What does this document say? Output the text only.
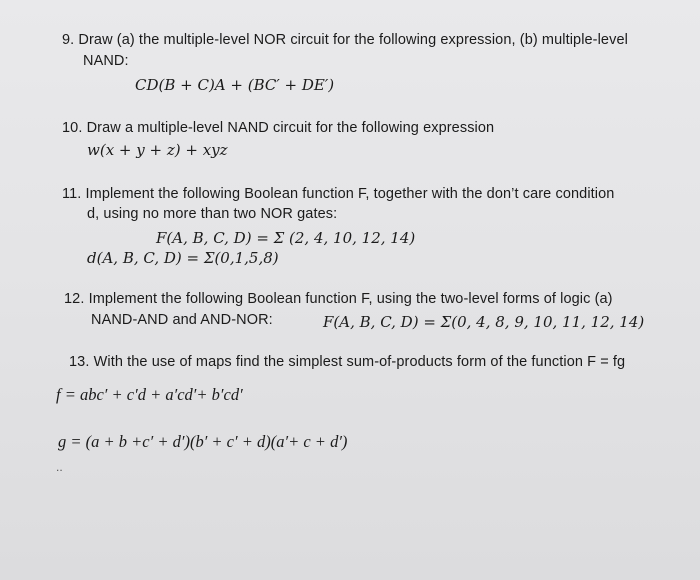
9. Draw (a) the multiple-level NOR circuit for the following expression, (b) multiple-level
NAND:
CD(B + C)A + (BC′ + DE′)
10. Draw a multiple-level NAND circuit for the following expression
w(x + y + z) + xyz
11. Implement the following Boolean function F, together with the don’t care condition
d, using no more than two NOR gates:
F(A, B, C, D) = Σ (2, 4, 10, 12, 14)
d(A, B, C, D) = Σ(0,1,5,8)
12. Implement the following Boolean function F, using the two-level forms of logic (a)
NAND-AND and AND-NOR:	F(A, B, C, D) = Σ(0, 4, 8, 9, 10, 11, 12, 14)
13. With the use of maps find the simplest sum-of-products form of the function F = fg
f = abc′ + c′d + a′cd′+ b′cd′
g = (a + b +c′ + d′)(b′ + c′ + d)(a′+ c + d′)
..
